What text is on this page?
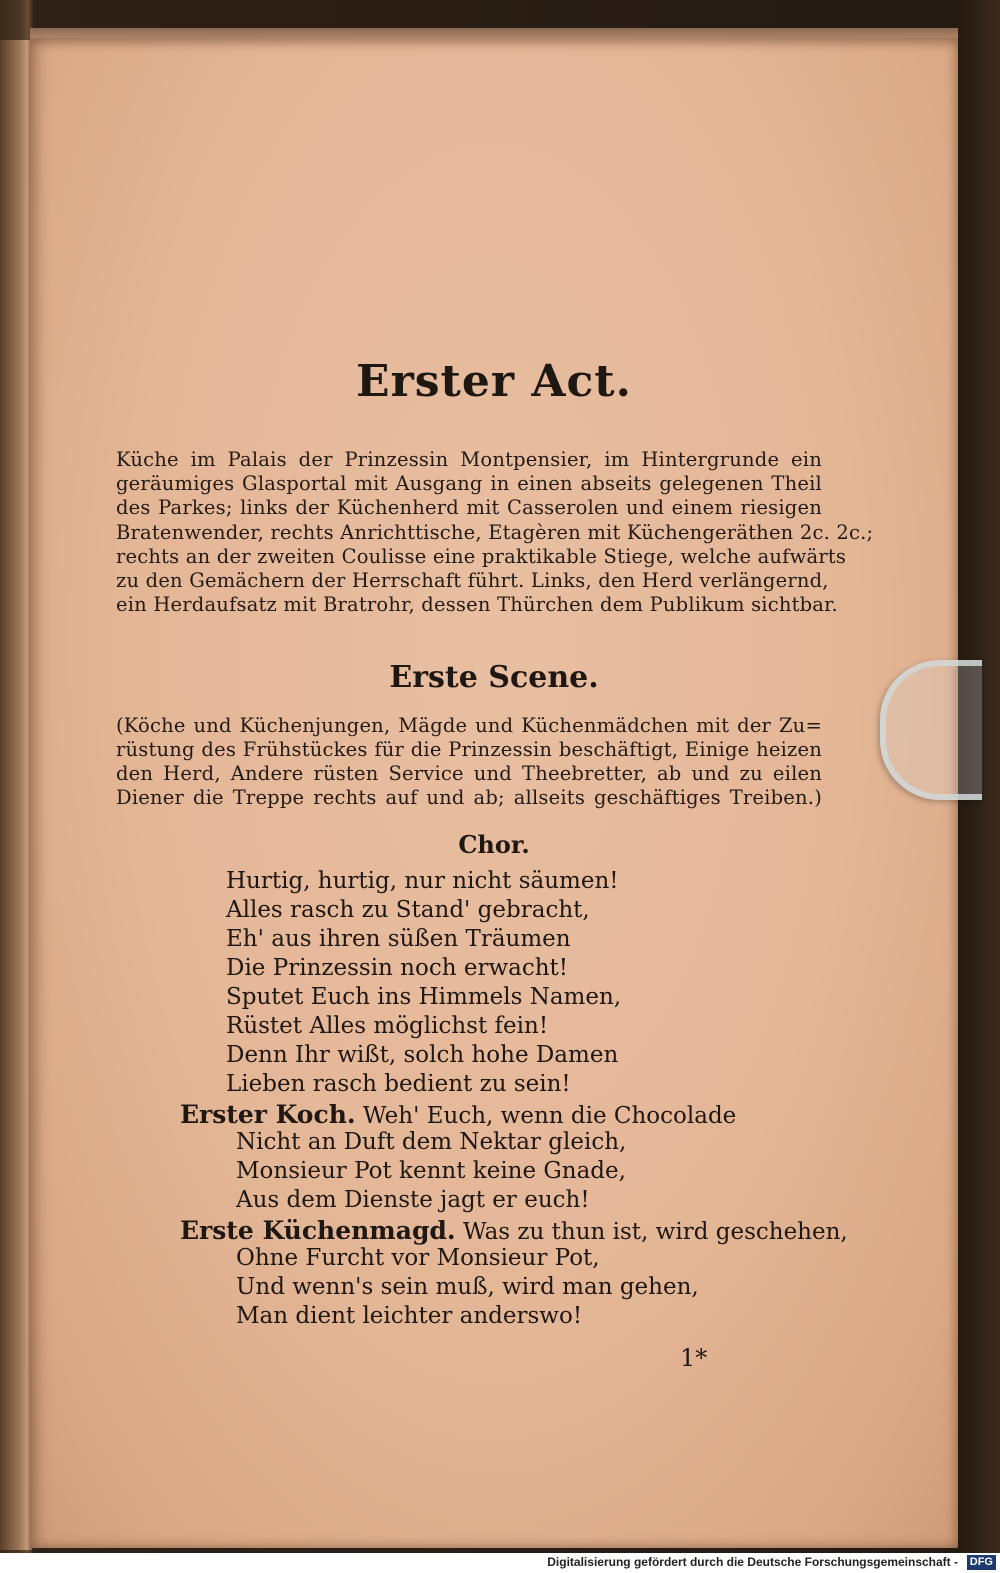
Erster Act.
Küche im Palais der Prinzessin Montpensier, im Hintergrunde ein
geräumiges Glasportal mit Ausgang in einen abseits gelegenen Theil
des Parkes; links der Küchenherd mit Casserolen und einem riesigen
Bratenwender, rechts Anrichttische, Etagèren mit Küchengeräthen 2c. 2c.;
rechts an der zweiten Coulisse eine praktikable Stiege, welche aufwärts
zu den Gemächern der Herrschaft führt. Links, den Herd verlängernd,
ein Herdaufsatz mit Bratrohr, dessen Thürchen dem Publikum sichtbar.
Erste Scene.
(Köche und Küchenjungen, Mägde und Küchenmädchen mit der Zu=
rüstung des Frühstückes für die Prinzessin beschäftigt, Einige heizen
den Herd, Andere rüsten Service und Theebretter, ab und zu eilen
Diener die Treppe rechts auf und ab; allseits geschäftiges Treiben.)
Chor.
Hurtig, hurtig, nur nicht säumen!
Alles rasch zu Stand' gebracht,
Eh' aus ihren süßen Träumen
Die Prinzessin noch erwacht!
Sputet Euch ins Himmels Namen,
Rüstet Alles möglichst fein!
Denn Ihr wißt, solch hohe Damen
Lieben rasch bedient zu sein!
Erster Koch. Weh' Euch, wenn die Chocolade
Nicht an Duft dem Nektar gleich,
Monsieur Pot kennt keine Gnade,
Aus dem Dienste jagt er euch!
Erste Küchenmagd. Was zu thun ist, wird geschehen,
Ohne Furcht vor Monsieur Pot,
Und wenn's sein muß, wird man gehen,
Man dient leichter anderswo!
1*
Digitalisierung gefördert durch die Deutsche Forschungsgemeinschaft - DFG
